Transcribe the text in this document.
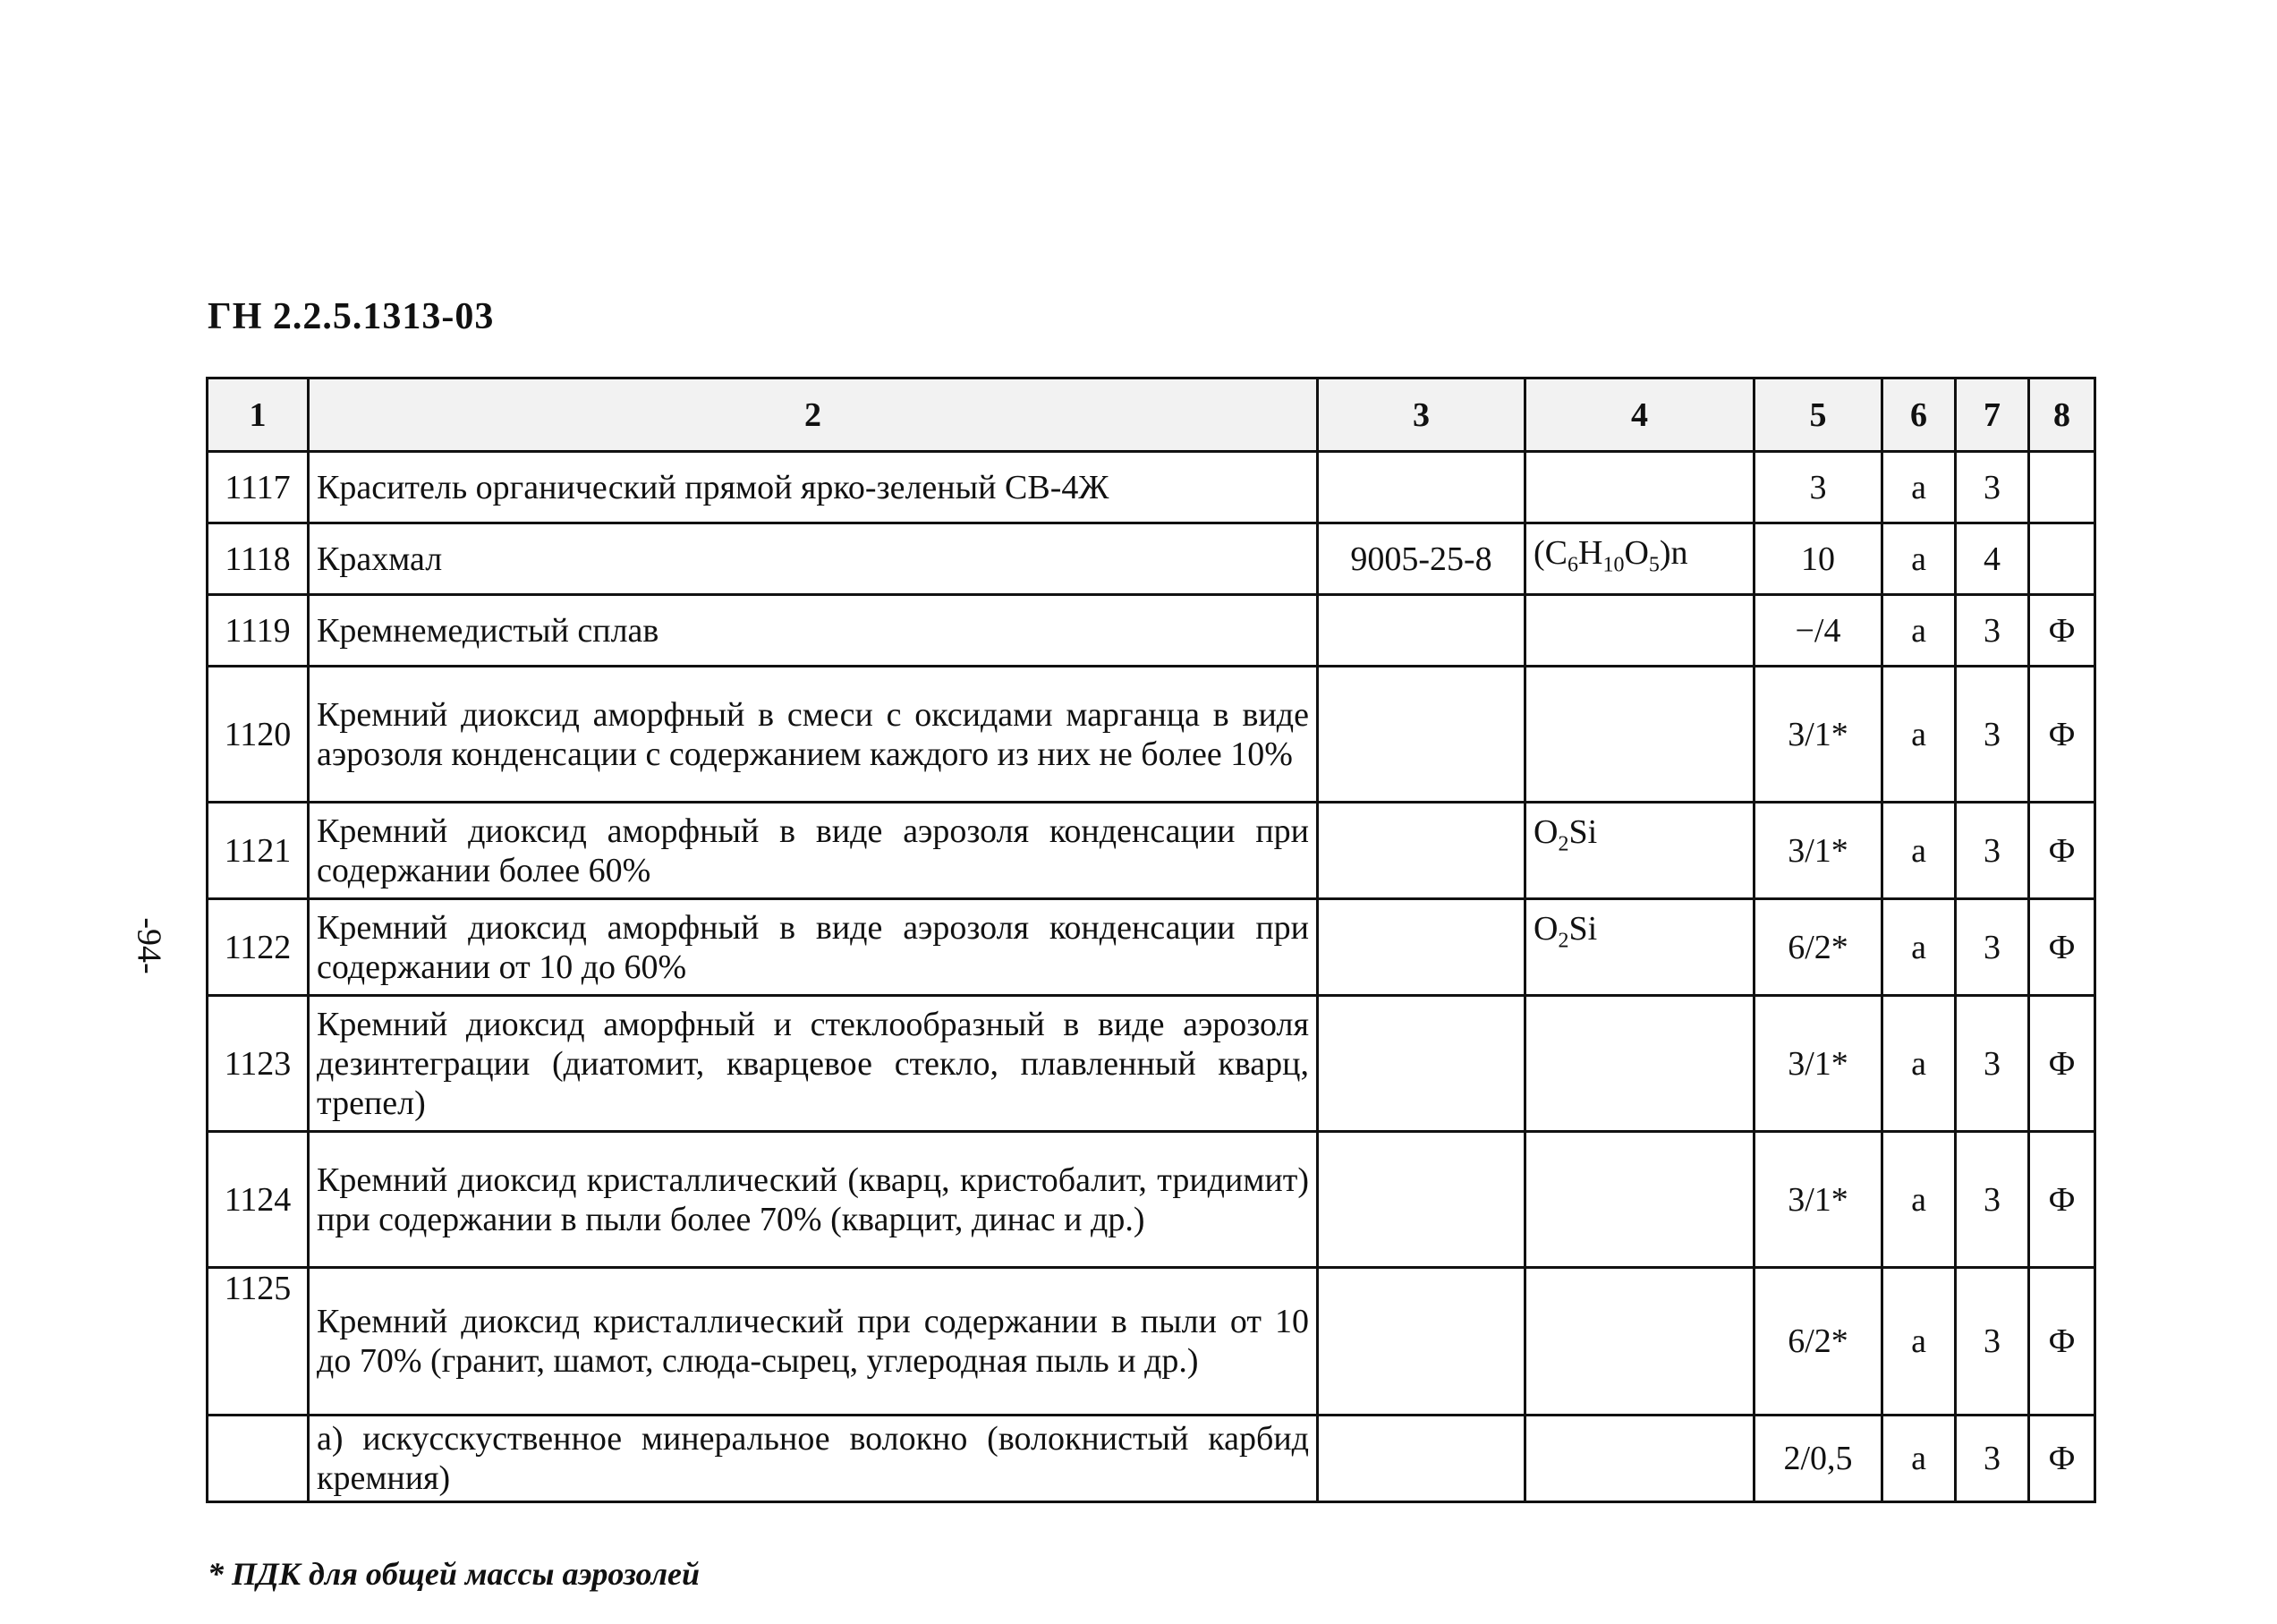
ГН 2.2.5.1313-03
-94-
1	2	3	4	5	6	7	8
1117	Краситель органический прямой ярко-зеленый СВ-4Ж			3	а	3	
1118	Крахмал	9005-25-8	$(C_6H_{10}O_5)n$	10	а	4	
1119	Кремнемедистый сплав			−/4	а	3	Ф
1120	Кремний диоксид аморфный в смеси с оксидами марганца в виде аэрозоля конденсации с содержанием каждого из них не более 10%			3/1*	а	3	Ф
1121	Кремний диоксид аморфный в виде аэрозоля конденсации при содержании более 60%		$O_2Si$	3/1*	а	3	Ф
1122	Кремний диоксид аморфный в виде аэрозоля конденсации при содержании от 10 до 60%		$O_2Si$	6/2*	а	3	Ф
1123	Кремний диоксид аморфный и стеклообразный в виде аэрозоля дезинтеграции (диатомит, кварцевое стекло, плавленный кварц, трепел)			3/1*	а	3	Ф
1124	Кремний диоксид кристаллический (кварц, кристобалит, тридимит) при содержании в пыли более 70% (кварцит, динас и др.)			3/1*	а	3	Ф
1125	Кремний диоксид кристаллический при содержании в пыли от 10 до 70% (гранит, шамот, слюда-сырец, углеродная пыль и др.)			6/2*	а	3	Ф
	а) искусскуственное минеральное волокно (волокнистый карбид кремния)			2/0,5	а	3	Ф
* ПДК для общей массы аэрозолей
